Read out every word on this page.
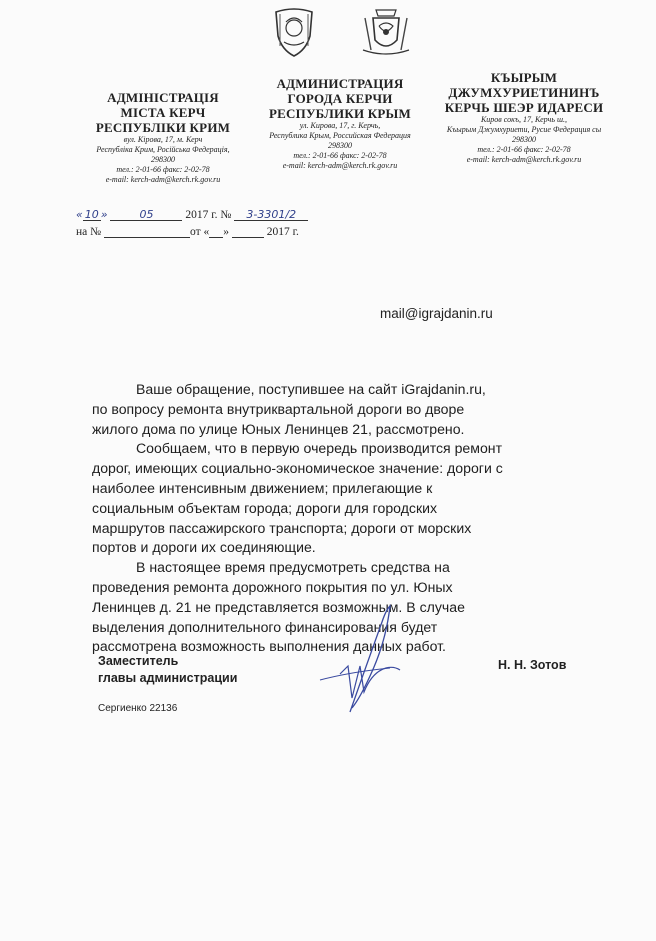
АДМІНІСТРАЦІЯ
МІСТА КЕРЧ
РЕСПУБЛІКИ КРИМ
вул. Кірова, 17, м. Керч
Республіка Крим, Російська Федерація,
298300
тел.: 2-01-66 факс: 2-02-78
e-mail: kerch-adm@kerch.rk.gov.ru
АДМИНИСТРАЦИЯ
ГОРОДА КЕРЧИ
РЕСПУБЛИКИ КРЫМ
ул. Кирова, 17, г. Керчь,
Республика Крым, Российская Федерация
298300
тел.: 2-01-66 факс: 2-02-78
e-mail: kerch-adm@kerch.rk.gov.ru
КЪЫРЫМ
ДЖУМХУРИЕТИНИНЪ
КЕРЧЬ ШЕЭР ИДАРЕСИ
Киров сокъ, 17, Керчь ш.,
Къырым Джумхуриети, Русие Федерация сы
298300
тел.: 2-01-66 факс: 2-02-78
e-mail: kerch-adm@kerch.rk.gov.ru
« 10 »	05	2017 г. № 3-3301/2
на №	от « »	2017 г.
mail@igrajdanin.ru

Ваше обращение, поступившее на сайт iGrajdanin.ru, по вопросу ремонта внутриквартальной дороги во дворе жилого дома по улице Юных Ленинцев 21, рассмотрено.

Сообщаем, что в первую очередь производится ремонт дорог, имеющих социально-экономическое значение: дороги с наиболее интенсивным движением; прилегающие к социальным объектам города; дороги для городских маршрутов пассажирского транспорта; дороги от морских портов и дороги их соединяющие.

В настоящее время предусмотреть средства на проведения ремонта дорожного покрытия по ул. Юных Ленинцев д. 21 не представляется возможным. В случае выделения дополнительного финансирования будет рассмотрена возможность выполнения данных работ.

Заместитель
главы администрации
Н. Н. Зотов
Сергиенко 22136
